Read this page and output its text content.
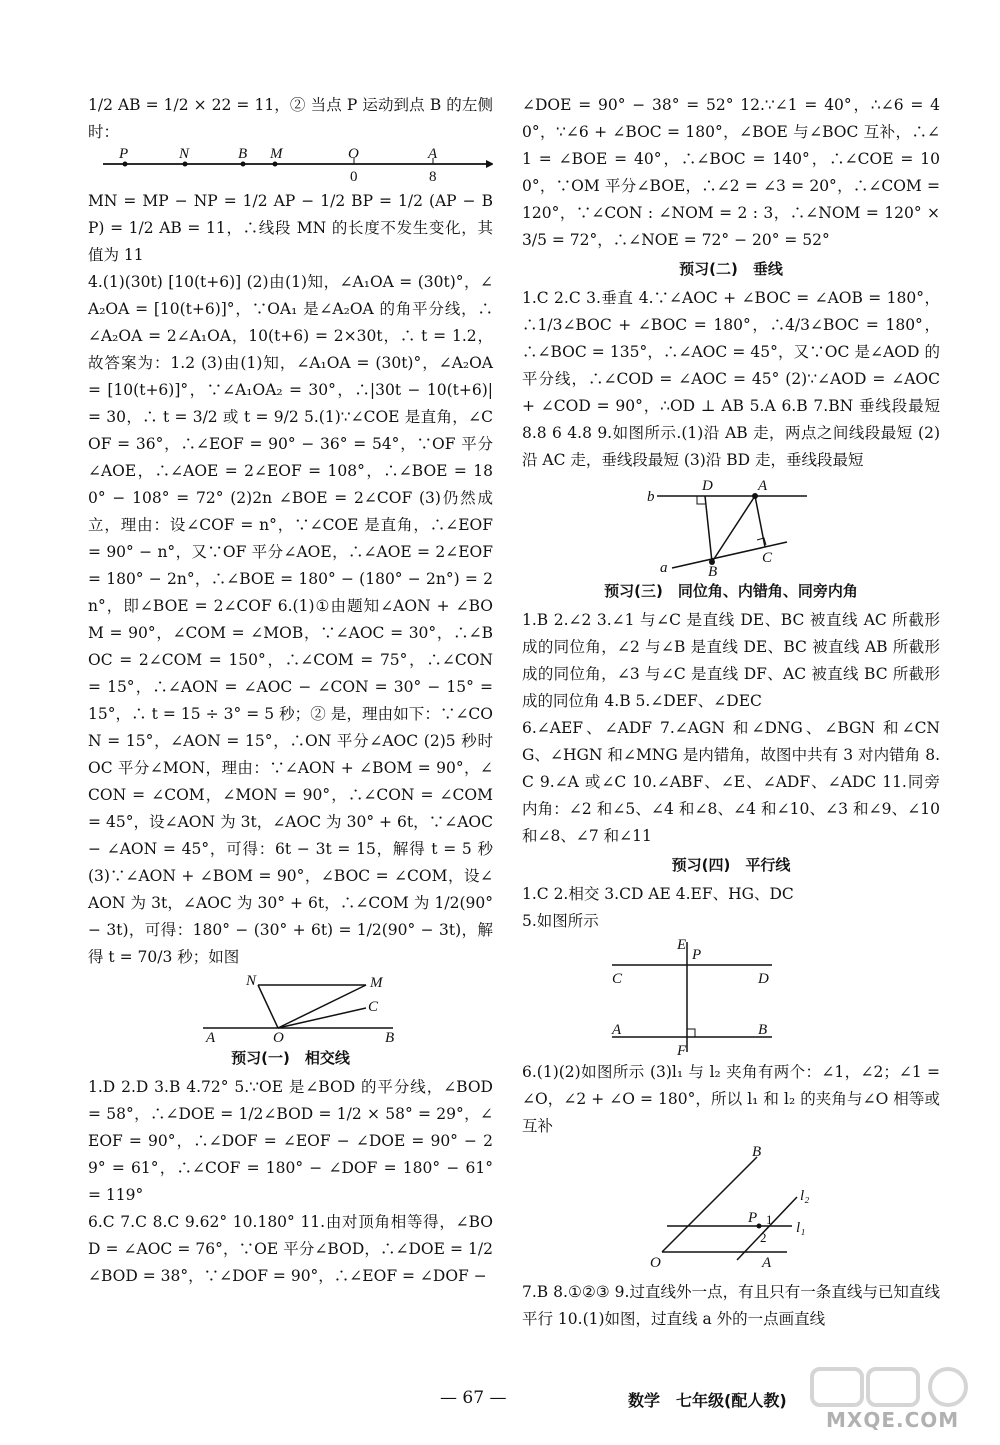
1/2 AB = 1/2 × 22 = 11，② 当点 P 运动到点 B 的左侧时：

P	N	B M	O	A
0	8

MN = MP − NP = 1/2 AP − 1/2 BP = 1/2 (AP − BP) = 1/2 AB = 11，∴线段 MN 的长度不发生变化，其值为 11

4.(1)(30t) [10(t+6)] (2)由(1)知，∠A₁OA = (30t)°，∠A₂OA = [10(t+6)]°，∵OA₁ 是∠A₂OA 的角平分线，∴∠A₂OA = 2∠A₁OA，10(t+6) = 2×30t，∴ t = 1.2，故答案为：1.2 (3)由(1)知，∠A₁OA = (30t)°，∠A₂OA = [10(t+6)]°，∵∠A₁OA₂ = 30°，∴|30t − 10(t+6)| = 30，∴ t = 3/2 或 t = 9/2 5.(1)∵∠COE 是直角，∠COF = 36°，∴∠EOF = 90° − 36° = 54°，∵OF 平分∠AOE，∴∠AOE = 2∠EOF = 108°，∴∠BOE = 180° − 108° = 72° (2)2n ∠BOE = 2∠COF (3)仍然成立，理由：设∠COF = n°，∵∠COE 是直角，∴∠EOF = 90° − n°，又∵OF 平分∠AOE，∴∠AOE = 2∠EOF = 180° − 2n°，∴∠BOE = 180° − (180° − 2n°) = 2n°，即∠BOE = 2∠COF 6.(1)①由题知∠AON + ∠BOM = 90°，∠COM = ∠MOB，∵∠AOC = 30°，∴∠BOC = 2∠COM = 150°，∴∠COM = 75°，∴∠CON = 15°，∴∠AON = ∠AOC − ∠CON = 30° − 15° = 15°，∴ t = 15 ÷ 3° = 5 秒；② 是，理由如下：∵∠CON = 15°，∠AON = 15°，∴ON 平分∠AOC (2)5 秒时 OC 平分∠MON，理由：∵∠AON + ∠BOM = 90°，∠CON = ∠COM，∠MON = 90°，∴∠CON = ∠COM = 45°，设∠AON 为 3t，∠AOC 为 30° + 6t，∵∠AOC − ∠AON = 45°，可得：6t − 3t = 15，解得 t = 5 秒 (3)∵∠AON + ∠BOM = 90°，∠BOC = ∠COM，设∠AON 为 3t，∠AOC 为 30° + 6t，∴∠COM 为 1/2(90° − 3t)，可得：180° − (30° + 6t) = 1/2(90° − 3t)，解得 t = 70/3 秒；如图

N	M
C
A	O	B
预习(一)　相交线

1.D 2.D 3.B 4.72° 5.∵OE 是∠BOD 的平分线，∠BOD = 58°，∴∠DOE = 1/2∠BOD = 1/2 × 58° = 29°，∠EOF = 90°，∴∠DOF = ∠EOF − ∠DOE = 90° − 29° = 61°，∴∠COF = 180° − ∠DOF = 180° − 61° = 119°

6.C 7.C 8.C 9.62° 10.180° 11.由对顶角相等得，∠BOD = ∠AOC = 76°，∵OE 平分∠BOD，∴∠DOE = 1/2∠BOD = 38°，∵∠DOF = 90°，∴∠EOF = ∠DOF −

∠DOE = 90° − 38° = 52° 12.∵∠1 = 40°，∴∠6 = 40°，∵∠6 + ∠BOC = 180°，∠BOE 与∠BOC 互补，∴∠1 = ∠BOE = 40°，∴∠BOC = 140°，∴∠COE = 100°，∵OM 平分∠BOE，∴∠2 = ∠3 = 20°，∴∠COM = 120°，∵∠CON : ∠NOM = 2 : 3，∴∠NOM = 120° × 3/5 = 72°，∴∠NOE = 72° − 20° = 52°

预习(二)　垂线

1.C 2.C 3.垂直 4.∵∠AOC + ∠BOC = ∠AOB = 180°，∴1/3∠BOC + ∠BOC = 180°，∴4/3∠BOC = 180°，∴∠BOC = 135°，∴∠AOC = 45°，又∵OC 是∠AOD 的平分线，∴∠COD = ∠AOC = 45° (2)∵∠AOD = ∠AOC + ∠COD = 90°，∴OD ⊥ AB 5.A 6.B 7.BN 垂线段最短 8.8 6 4.8 9.如图所示.(1)沿 AB 走，两点之间线段最短 (2)沿 AC 走，垂线段最短 (3)沿 BD 走，垂线段最短

b
D	A
a	B
C
预习(三)　同位角、内错角、同旁内角

1.B 2.∠2 3.∠1 与∠C 是直线 DE、BC 被直线 AC 所截形成的同位角，∠2 与∠B 是直线 DE、BC 被直线 AB 所截形成的同位角，∠3 与∠C 是直线 DF、AC 被直线 BC 所截形成的同位角 4.B 5.∠DEF、∠DEC

6.∠AEF、∠ADF 7.∠AGN 和∠DNG、∠BGN 和∠CNG、∠HGN 和∠MNG 是内错角，故图中共有 3 对内错角 8.C 9.∠A 或∠C 10.∠ABF、∠E、∠ADF、∠ADC 11.同旁内角：∠2 和∠5、∠4 和∠8、∠4 和∠10、∠3 和∠9、∠10 和∠8、∠7 和∠11

预习(四)　平行线

1.C 2.相交 3.CD AE 4.EF、HG、DC

5.如图所示

E
P
C	D
A	B
F

6.(1)(2)如图所示 (3)l₁ 与 l₂ 夹角有两个：∠1，∠2；∠1 = ∠O，∠2 + ∠O = 180°，所以 l₁ 和 l₂ 的夹角与∠O 相等或互补

B
l₂
P 1
2
l₁
O	A

7.B 8.①②③ 9.过直线外一点，有且只有一条直线与已知直线平行 10.(1)如图，过直线 a 外的一点画直线

— 67 —	数学　七年级(配人教)
MXQE.COM
